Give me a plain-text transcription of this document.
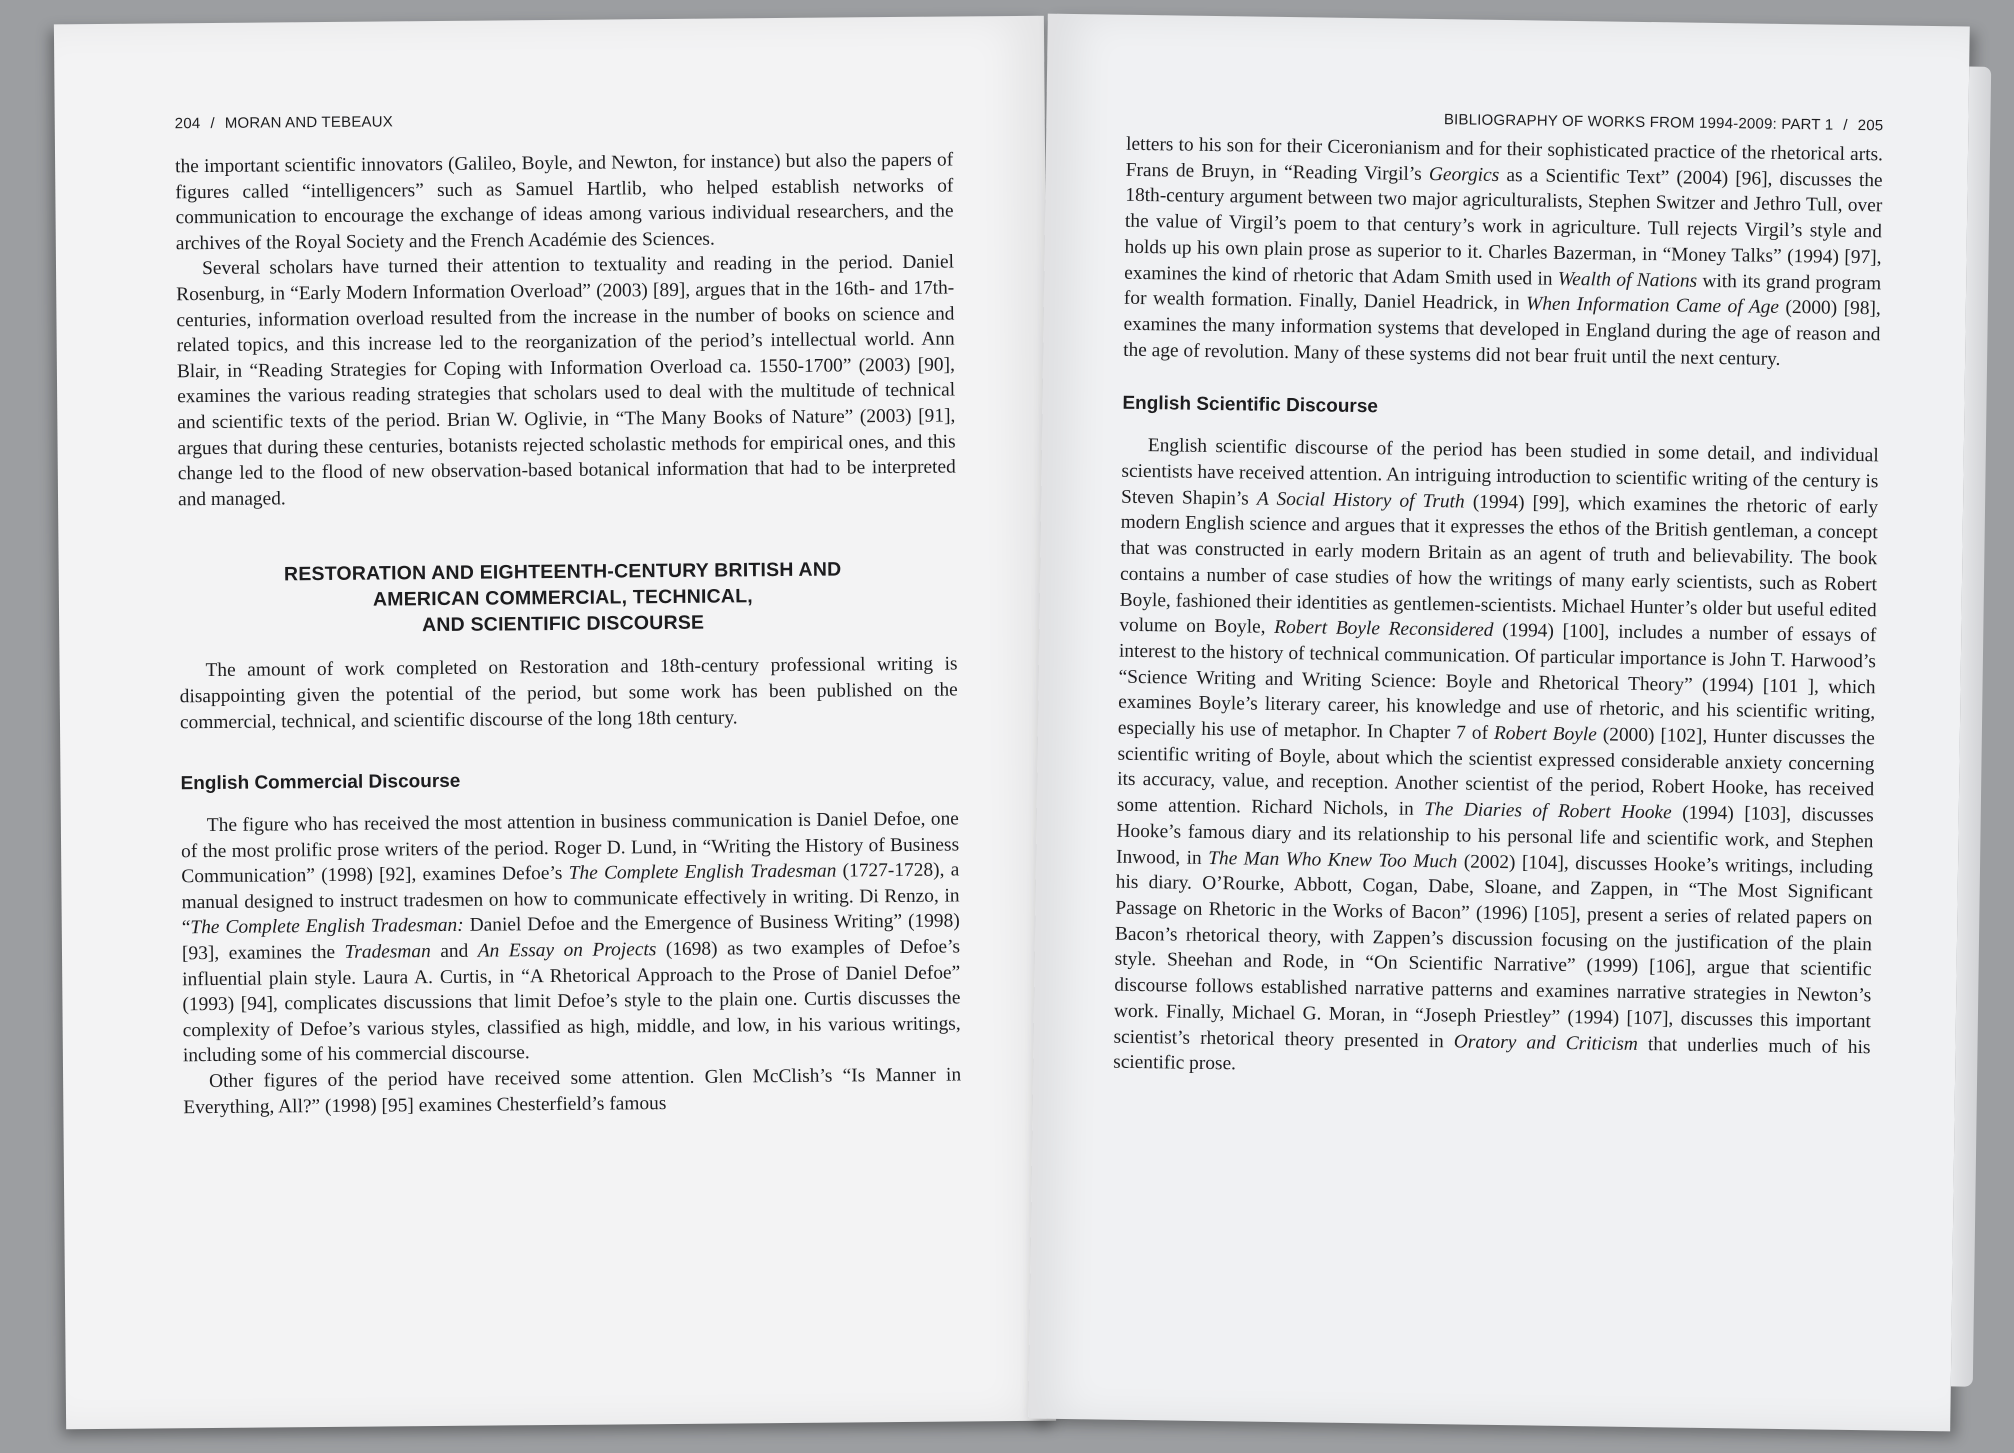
204 / MORAN AND TEBEAUX

the important scientific innovators (Galileo, Boyle, and Newton, for instance) but also the papers of figures called “intelligencers” such as Samuel Hartlib, who helped establish networks of communication to encourage the exchange of ideas among various individual researchers, and the archives of the Royal Society and the French Académie des Sciences.

Several scholars have turned their attention to textuality and reading in the period. Daniel Rosenburg, in “Early Modern Information Overload” (2003) [89], argues that in the 16th- and 17th-centuries, information overload resulted from the increase in the number of books on science and related topics, and this increase led to the reorganization of the period’s intellectual world. Ann Blair, in “Reading Strategies for Coping with Information Overload ca. 1550-1700” (2003) [90], examines the various reading strategies that scholars used to deal with the multitude of technical and scientific texts of the period. Brian W. Oglivie, in “The Many Books of Nature” (2003) [91], argues that during these centuries, botanists rejected scholastic methods for empirical ones, and this change led to the flood of new observation-based botanical information that had to be interpreted and managed.

RESTORATION AND EIGHTEENTH-CENTURY BRITISH AND
AMERICAN COMMERCIAL, TECHNICAL,
AND SCIENTIFIC DISCOURSE

The amount of work completed on Restoration and 18th-century professional writing is disappointing given the potential of the period, but some work has been published on the commercial, technical, and scientific discourse of the long 18th century.

English Commercial Discourse

The figure who has received the most attention in business communication is Daniel Defoe, one of the most prolific prose writers of the period. Roger D. Lund, in “Writing the History of Business Communication” (1998) [92], examines Defoe’s The Complete English Tradesman (1727-1728), a manual designed to instruct tradesmen on how to communicate effectively in writing. Di Renzo, in “The Complete English Tradesman: Daniel Defoe and the Emergence of Business Writing” (1998) [93], examines the Tradesman and An Essay on Projects (1698) as two examples of Defoe’s influential plain style. Laura A. Curtis, in “A Rhetorical Approach to the Prose of Daniel Defoe” (1993) [94], complicates discussions that limit Defoe’s style to the plain one. Curtis discusses the complexity of Defoe’s various styles, classified as high, middle, and low, in his various writings, including some of his commercial discourse.

Other figures of the period have received some attention. Glen McClish’s “Is Manner in Everything, All?” (1998) [95] examines Chesterfield’s famous

BIBLIOGRAPHY OF WORKS FROM 1994-2009: PART 1 / 205

letters to his son for their Ciceronianism and for their sophisticated practice of the rhetorical arts. Frans de Bruyn, in “Reading Virgil’s Georgics as a Scientific Text” (2004) [96], discusses the 18th-century argument between two major agriculturalists, Stephen Switzer and Jethro Tull, over the value of Virgil’s poem to that century’s work in agriculture. Tull rejects Virgil’s style and holds up his own plain prose as superior to it. Charles Bazerman, in “Money Talks” (1994) [97], examines the kind of rhetoric that Adam Smith used in Wealth of Nations with its grand program for wealth formation. Finally, Daniel Headrick, in When Information Came of Age (2000) [98], examines the many information systems that developed in England during the age of reason and the age of revolution. Many of these systems did not bear fruit until the next century.

English Scientific Discourse

English scientific discourse of the period has been studied in some detail, and individual scientists have received attention. An intriguing introduction to scientific writing of the century is Steven Shapin’s A Social History of Truth (1994) [99], which examines the rhetoric of early modern English science and argues that it expresses the ethos of the British gentleman, a concept that was constructed in early modern Britain as an agent of truth and believability. The book contains a number of case studies of how the writings of many early scientists, such as Robert Boyle, fashioned their identities as gentlemen-scientists. Michael Hunter’s older but useful edited volume on Boyle, Robert Boyle Reconsidered (1994) [100], includes a number of essays of interest to the history of technical communication. Of particular importance is John T. Harwood’s “Science Writing and Writing Science: Boyle and Rhetorical Theory” (1994) [101 ], which examines Boyle’s literary career, his knowledge and use of rhetoric, and his scientific writing, especially his use of metaphor. In Chapter 7 of Robert Boyle (2000) [102], Hunter discusses the scientific writing of Boyle, about which the scientist expressed considerable anxiety concerning its accuracy, value, and reception. Another scientist of the period, Robert Hooke, has received some attention. Richard Nichols, in The Diaries of Robert Hooke (1994) [103], discusses Hooke’s famous diary and its relationship to his personal life and scientific work, and Stephen Inwood, in The Man Who Knew Too Much (2002) [104], discusses Hooke’s writings, including his diary. O’Rourke, Abbott, Cogan, Dabe, Sloane, and Zappen, in “The Most Significant Passage on Rhetoric in the Works of Bacon” (1996) [105], present a series of related papers on Bacon’s rhetorical theory, with Zappen’s discussion focusing on the justification of the plain style. Sheehan and Rode, in “On Scientific Narrative” (1999) [106], argue that scientific discourse follows established narrative patterns and examines narrative strategies in Newton’s work. Finally, Michael G. Moran, in “Joseph Priestley” (1994) [107], discusses this important scientist’s rhetorical theory presented in Oratory and Criticism that underlies much of his scientific prose.
